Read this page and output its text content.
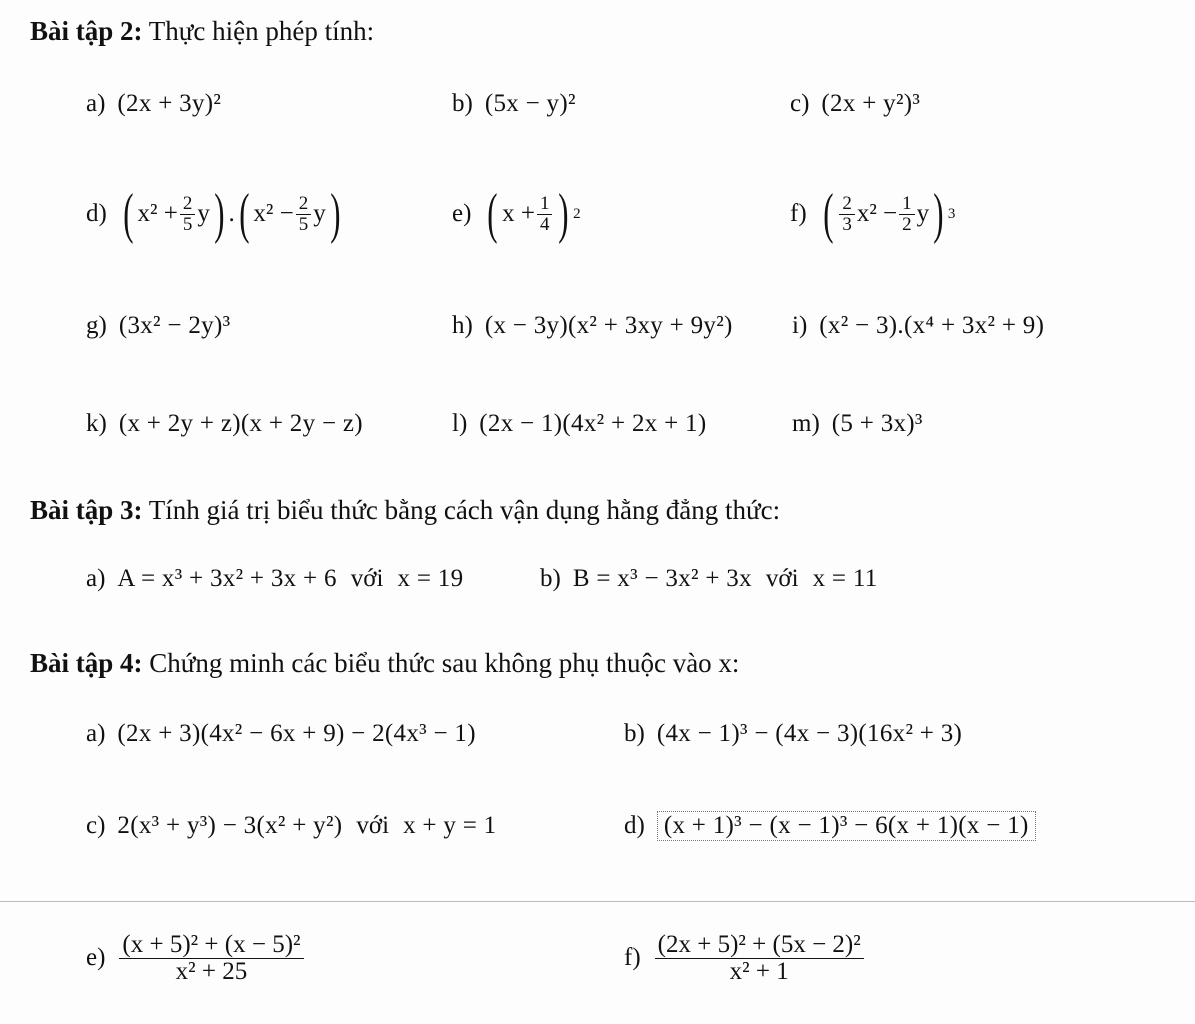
Bài tập 2: Thực hiện phép tính:
a) (2x + 3y)²	b) (5x − y)²	c) (2x + y²)³
d) ( $x^2 + \frac{2}{5}$ y ) . ( $x^2 - \frac{2}{5}$ y )	e) ( $x + \frac{1}{4}$ ) 2	f) ( $\frac{2}{3} x^2 - \frac{1}{2}$ y ) 3
g) (3x² − 2y)³	h) (x − 3y)(x² + 3xy + 9y²) i) (x² − 3).(x⁴ + 3x² + 9)
k) (x + 2y + z)(x + 2y − z)	l) (2x − 1)(4x² + 2x + 1)	m) (5 + 3x)³
Bài tập 3: Tính giá trị biểu thức bằng cách vận dụng hằng đẳng thức:
a) A = x³ + 3x² + 3x + 6 với x = 19	b) B = x³ − 3x² + 3x với x = 11
Bài tập 4: Chứng minh các biểu thức sau không phụ thuộc vào x:
a) (2x + 3)(4x² − 6x + 9) − 2(4x³ − 1)	b) (4x − 1)³ − (4x − 3)(16x² + 3)
c) 2(x³ + y³) − 3(x² + y²) với x + y = 1	d) (x + 1)³ − (x − 1)³ − 6(x + 1)(x − 1)
$e) \frac{\text{(x + 5)² + (x − 5)²}}{\text{x² + 25}}$	$f) \frac{\text{(2x + 5)² + (5x − 2)²}}{\text{x² + 1}}$
